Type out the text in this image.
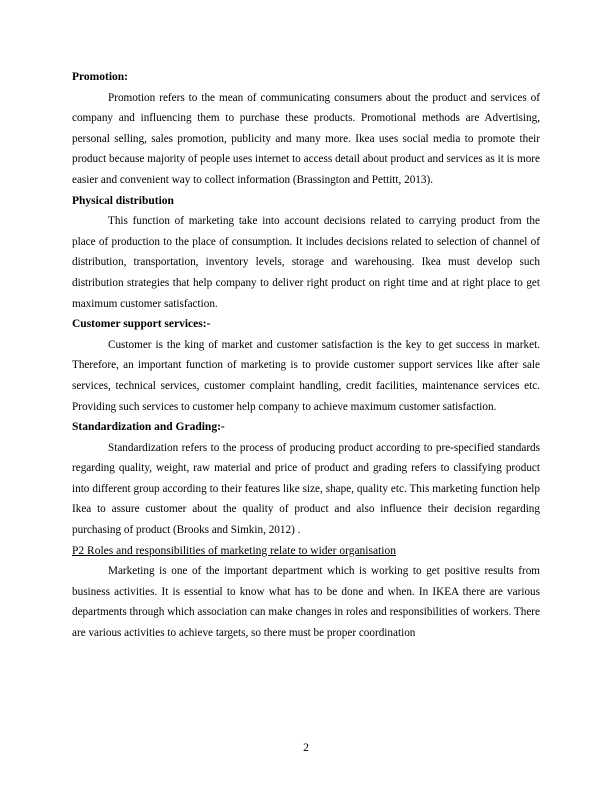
Promotion:

Promotion refers to the mean of communicating consumers about the product and services of company and influencing them to purchase these products. Promotional methods are Advertising, personal selling, sales promotion, publicity and many more. Ikea uses social media to promote their product because majority of people uses internet to access detail about product and services as it is more easier and convenient way to collect information (Brassington and Pettitt, 2013).

Physical distribution

This function of marketing take into account decisions related to carrying product from the place of production to the place of consumption. It includes decisions related to selection of channel of distribution, transportation, inventory levels, storage and warehousing. Ikea must develop such distribution strategies that help company to deliver right product on right time and at right place to get maximum customer satisfaction.

Customer support services:-

Customer is the king of market and customer satisfaction is the key to get success in market. Therefore, an important function of marketing is to provide customer support services like after sale services, technical services, customer complaint handling, credit facilities, maintenance services etc. Providing such services to customer help company to achieve maximum customer satisfaction.

Standardization and Grading:-

Standardization refers to the process of producing product according to pre-specified standards regarding quality, weight, raw material and price of product and grading refers to classifying product into different group according to their features like size, shape, quality etc. This marketing function help Ikea to assure customer about the quality of product and also influence their decision regarding purchasing of product (Brooks and Simkin, 2012) .

P2 Roles and responsibilities of marketing relate to wider organisation

Marketing is one of the important department which is working to get positive results from business activities. It is essential to know what has to be done and when. In IKEA there are various departments through which association can make changes in roles and responsibilities of workers. There are various activities to achieve targets, so there must be proper coordination

2
